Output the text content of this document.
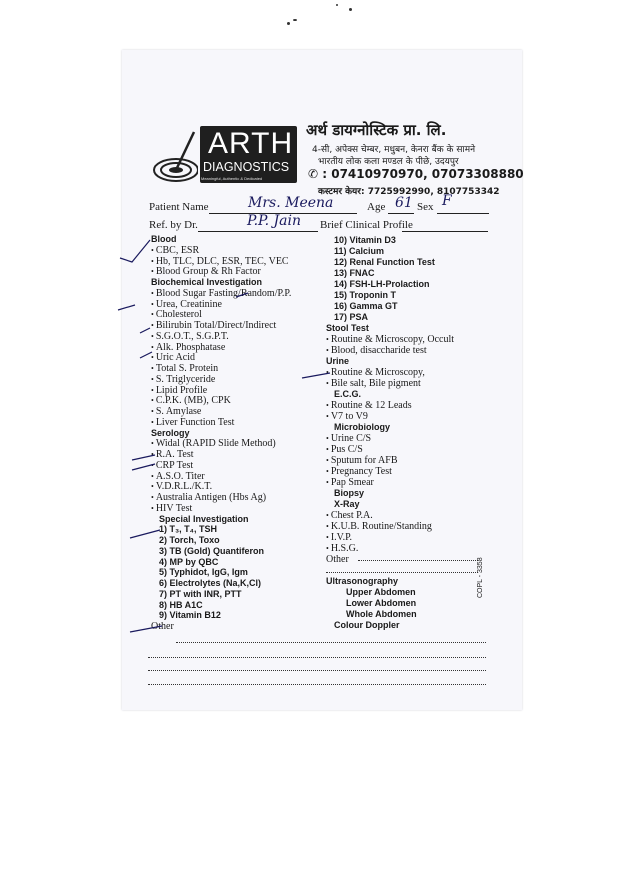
ARTH
DIAGNOSTICS
Meaningful, Authentic & Dedicated
अर्थ डायग्नोस्टिक प्रा. लि.
4-सी, अपेक्स चेम्बर, मधुबन, केनरा बैंक के सामने
भारतीय लोक कला मण्डल के पीछे, उदयपुर
✆ : 07410970970, 07073308880
कस्टमर केयर: 7725992990, 8107753342
Patient Name	Mrs. Meena	Age 61 Sex F
Ref. by Dr.	P.P. Jain Brief Clinical Profile
Blood
• CBC, ESR
• Hb, TLC, DLC, ESR, TEC, VEC
• Blood Group & Rh Factor
Biochemical Investigation
• Blood Sugar Fasting/Random/P.P.
• Urea, Creatinine
• Cholesterol
• Bilirubin Total/Direct/Indirect
• S.G.O.T., S.G.P.T.
• Alk. Phosphatase
• Uric Acid
• Total S. Protein
• S. Triglyceride
• Lipid Profile
• C.P.K. (MB), CPK
• S. Amylase
• Liver Function Test
Serology
• Widal (RAPID Slide Method)
• R.A. Test
• CRP Test
• A.S.O. Titer
• V.D.R.L./K.T.
• Australia Antigen (Hbs Ag)
• HIV Test
Special Investigation
1) T₃, T₄, TSH
2) Torch, Toxo
3) TB (Gold) Quantiferon
4) MP by QBC
5) Typhidot, IgG, Igm
6) Electrolytes (Na,K,Cl)
7) PT with INR, PTT
8) HB A1C
9) Vitamin B12
Other
10) Vitamin D3
11) Calcium
12) Renal Function Test
13) FNAC
14) FSH-LH-Prolaction
15) Troponin T
16) Gamma GT
17) PSA
Stool Test
• Routine & Microscopy, Occult
• Blood, disaccharide test
Urine
• Routine & Microscopy,
• Bile salt, Bile pigment
E.C.G.
• Routine & 12 Leads
• V7 to V9
Microbiology
• Urine C/S
• Pus C/S
• Sputum for AFB
• Pregnancy Test
• Pap Smear
Biopsy
X-Ray
• Chest P.A.
• K.U.B. Routine/Standing
• I.V.P.
• H.S.G.
Other
Ultrasonography
Upper Abdomen
Lower Abdomen
Whole Abdomen
Colour Doppler
COPL - 3358
